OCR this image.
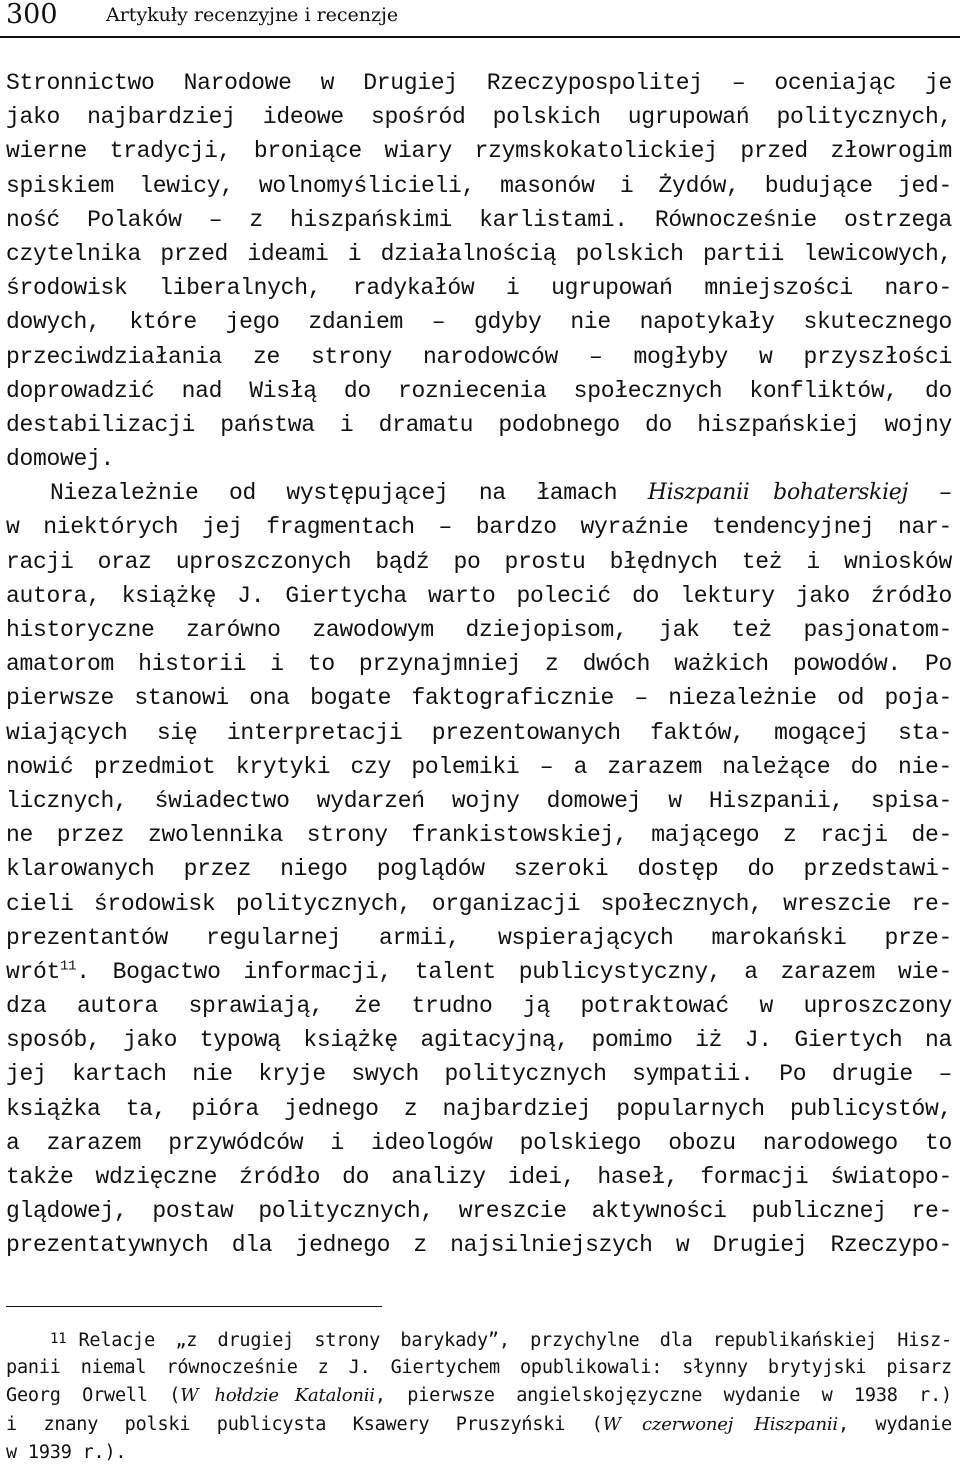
300	Artykuły recenzyjne i recenzje
Stronnictwo Narodowe w Drugiej Rzeczypospolitej – oceniając je
jako najbardziej ideowe spośród polskich ugrupowań politycznych,
wierne tradycji, broniące wiary rzymskokatolickiej przed złowrogim
spiskiem lewicy, wolnomyślicieli, masonów i Żydów, budujące jed-
ność Polaków – z hiszpańskimi karlistami. Równocześnie ostrzega
czytelnika przed ideami i działalnością polskich partii lewicowych,
środowisk liberalnych, radykałów i ugrupowań mniejszości naro-
dowych, które jego zdaniem – gdyby nie napotykały skutecznego
przeciwdziałania ze strony narodowców – mogłyby w przyszłości
doprowadzić nad Wisłą do rozniecenia społecznych konfliktów, do
destabilizacji państwa i dramatu podobnego do hiszpańskiej wojny
domowej.
Niezależnie od występującej na łamach Hiszpanii bohaterskiej –
w niektórych jej fragmentach – bardzo wyraźnie tendencyjnej nar-
racji oraz uproszczonych bądź po prostu błędnych też i wniosków
autora, książkę J. Giertycha warto polecić do lektury jako źródło
historyczne zarówno zawodowym dziejopisom, jak też pasjonatom-
amatorom historii i to przynajmniej z dwóch ważkich powodów. Po
pierwsze stanowi ona bogate faktograficznie – niezależnie od poja-
wiających się interpretacji prezentowanych faktów, mogącej sta-
nowić przedmiot krytyki czy polemiki – a zarazem należące do nie-
licznych, świadectwo wydarzeń wojny domowej w Hiszpanii, spisa-
ne przez zwolennika strony frankistowskiej, mającego z racji de-
klarowanych przez niego poglądów szeroki dostęp do przedstawi-
cieli środowisk politycznych, organizacji społecznych, wreszcie re-
prezentantów regularnej armii, wspierających marokański prze-
wrót$^{11}$. Bogactwo informacji, talent publicystyczny, a zarazem wie-
dza autora sprawiają, że trudno ją potraktować w uproszczony
sposób, jako typową książkę agitacyjną, pomimo iż J. Giertych na
jej kartach nie kryje swych politycznych sympatii. Po drugie –
książka ta, pióra jednego z najbardziej popularnych publicystów,
a zarazem przywódców i ideologów polskiego obozu narodowego to
także wdzięczne źródło do analizy idei, haseł, formacji światopo-
glądowej, postaw politycznych, wreszcie aktywności publicznej re-
prezentatywnych dla jednego z najsilniejszych w Drugiej Rzeczypo-
11 Relacje „z drugiej strony barykady”, przychylne dla republikańskiej Hisz-
panii niemal równocześnie z J. Giertychem opublikowali: słynny brytyjski pisarz
Georg Orwell (W hołdzie Katalonii, pierwsze angielskojęzyczne wydanie w 1938 r.)
i znany polski publicysta Ksawery Pruszyński (W czerwonej Hiszpanii, wydanie
w 1939 r.).
